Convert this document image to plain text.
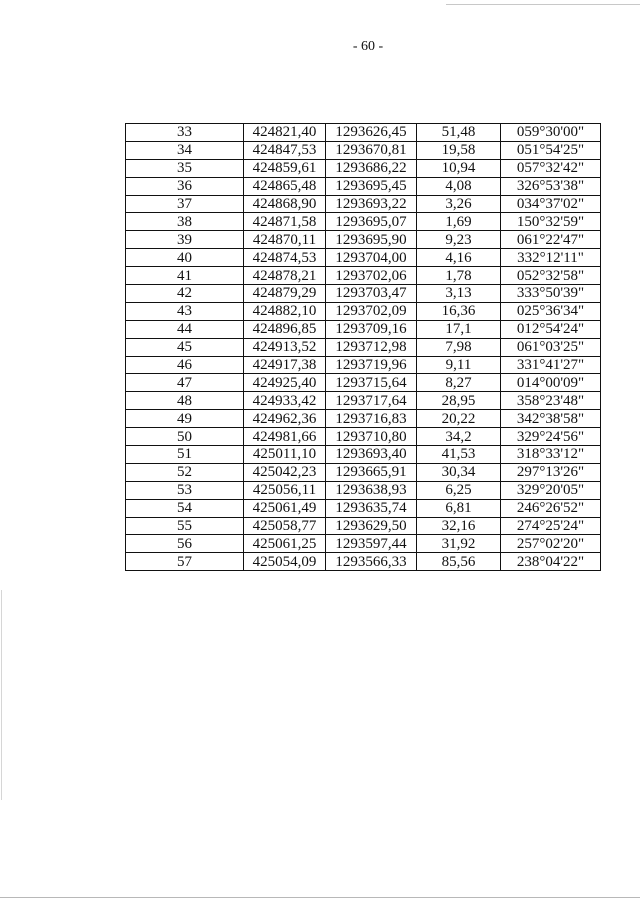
- 60 -
33	424821,40	1293626,45	51,48	059°30'00"
34	424847,53	1293670,81	19,58	051°54'25"
35	424859,61	1293686,22	10,94	057°32'42"
36	424865,48	1293695,45	4,08	326°53'38"
37	424868,90	1293693,22	3,26	034°37'02"
38	424871,58	1293695,07	1,69	150°32'59"
39	424870,11	1293695,90	9,23	061°22'47"
40	424874,53	1293704,00	4,16	332°12'11"
41	424878,21	1293702,06	1,78	052°32'58"
42	424879,29	1293703,47	3,13	333°50'39"
43	424882,10	1293702,09	16,36	025°36'34"
44	424896,85	1293709,16	17,1	012°54'24"
45	424913,52	1293712,98	7,98	061°03'25"
46	424917,38	1293719,96	9,11	331°41'27"
47	424925,40	1293715,64	8,27	014°00'09"
48	424933,42	1293717,64	28,95	358°23'48"
49	424962,36	1293716,83	20,22	342°38'58"
50	424981,66	1293710,80	34,2	329°24'56"
51	425011,10	1293693,40	41,53	318°33'12"
52	425042,23	1293665,91	30,34	297°13'26"
53	425056,11	1293638,93	6,25	329°20'05"
54	425061,49	1293635,74	6,81	246°26'52"
55	425058,77	1293629,50	32,16	274°25'24"
56	425061,25	1293597,44	31,92	257°02'20"
57	425054,09	1293566,33	85,56	238°04'22"
